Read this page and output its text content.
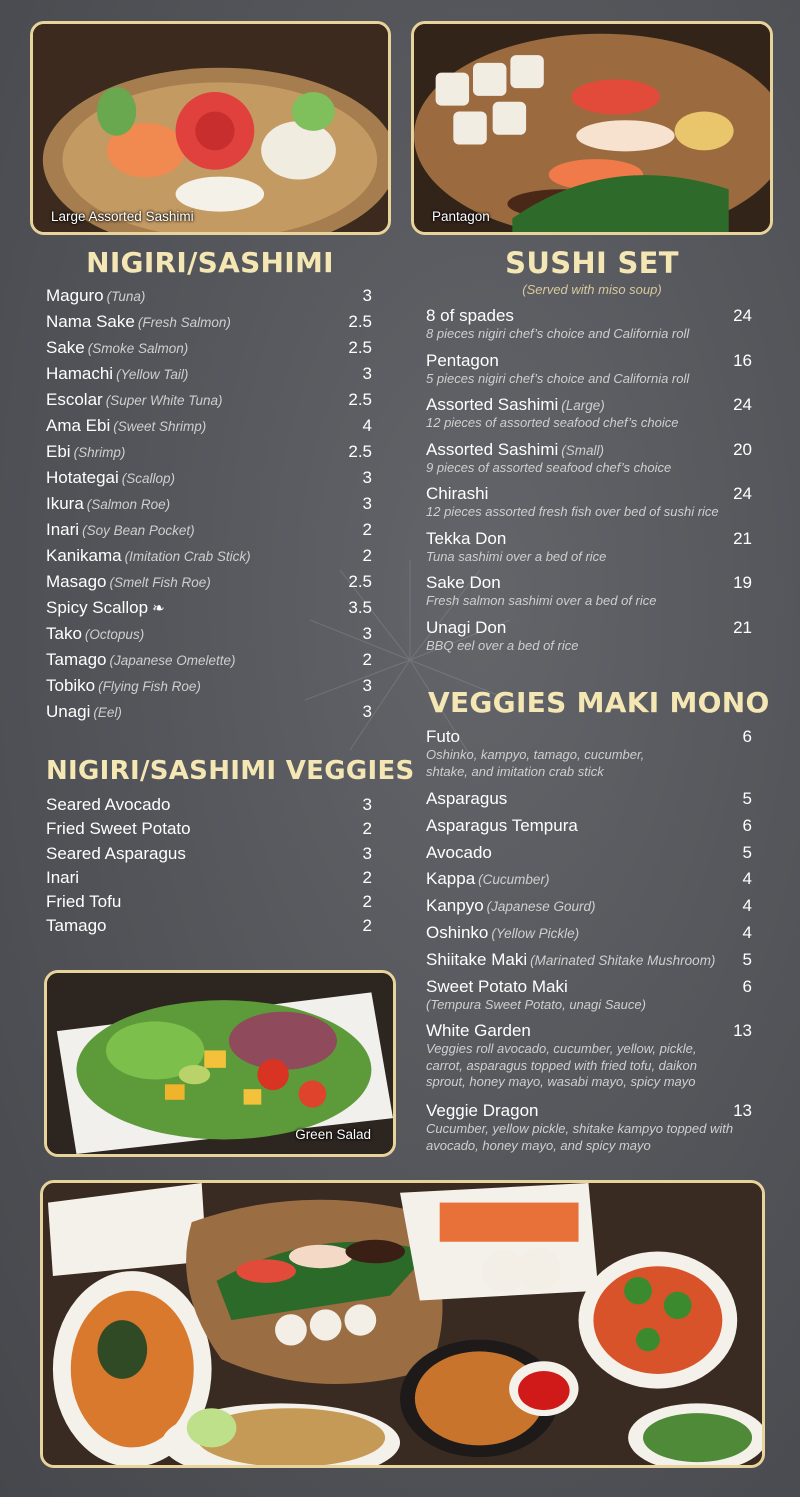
Large Assorted Sashimi	Pantagon
NIGIRI/SASHIMI
Maguro (Tuna)	3
Nama Sake (Fresh Salmon)	2.5
Sake (Smoke Salmon)	2.5
Hamachi (Yellow Tail)	3
Escolar (Super White Tuna)	2.5
Ama Ebi (Sweet Shrimp)	4
Ebi (Shrimp)	2.5
Hotategai (Scallop)	3
Ikura (Salmon Roe)	3
Inari (Soy Bean Pocket)	2
Kanikama (Imitation Crab Stick)	2
Masago (Smelt Fish Roe)	2.5
Spicy Scallop ❧	3.5
Tako (Octopus)	3
Tamago (Japanese Omelette)	2
Tobiko (Flying Fish Roe)	3
Unagi (Eel)	3
NIGIRI/SASHIMI VEGGIES
Seared Avocado	3
Fried Sweet Potato	2
Seared Asparagus	3
Inari	2
Fried Tofu	2
Tamago	2
Green Salad
SUSHI SET
(Served with miso soup)
8 of spades	24
8 pieces nigiri chef’s choice and California roll
Pentagon	16
5 pieces nigiri chef’s choice and California roll
Assorted Sashimi (Large)	24
12 pieces of assorted seafood chef’s choice
Assorted Sashimi (Small)	20
9 pieces of assorted seafood chef’s choice
Chirashi	24
12 pieces assorted fresh fish over bed of sushi rice
Tekka Don	21
Tuna sashimi over a bed of rice
Sake Don	19
Fresh salmon sashimi over a bed of rice
Unagi Don	21
BBQ eel over a bed of rice
VEGGIES MAKI MONO
Futo	6
Oshinko, kampyo, tamago, cucumber, shtake, and imitation crab stick
Asparagus	5
Asparagus Tempura	6
Avocado	5
Kappa (Cucumber)	4
Kanpyo (Japanese Gourd)	4
Oshinko (Yellow Pickle)	4
Shiitake Maki (Marinated Shitake Mushroom)	5
Sweet Potato Maki	6
(Tempura Sweet Potato, unagi Sauce)
White Garden	13
Veggies roll avocado, cucumber, yellow, pickle, carrot, asparagus topped with fried tofu, daikon sprout, honey mayo, wasabi mayo, spicy mayo
Veggie Dragon	13
Cucumber, yellow pickle, shitake kampyo topped with avocado, honey mayo, and spicy mayo
